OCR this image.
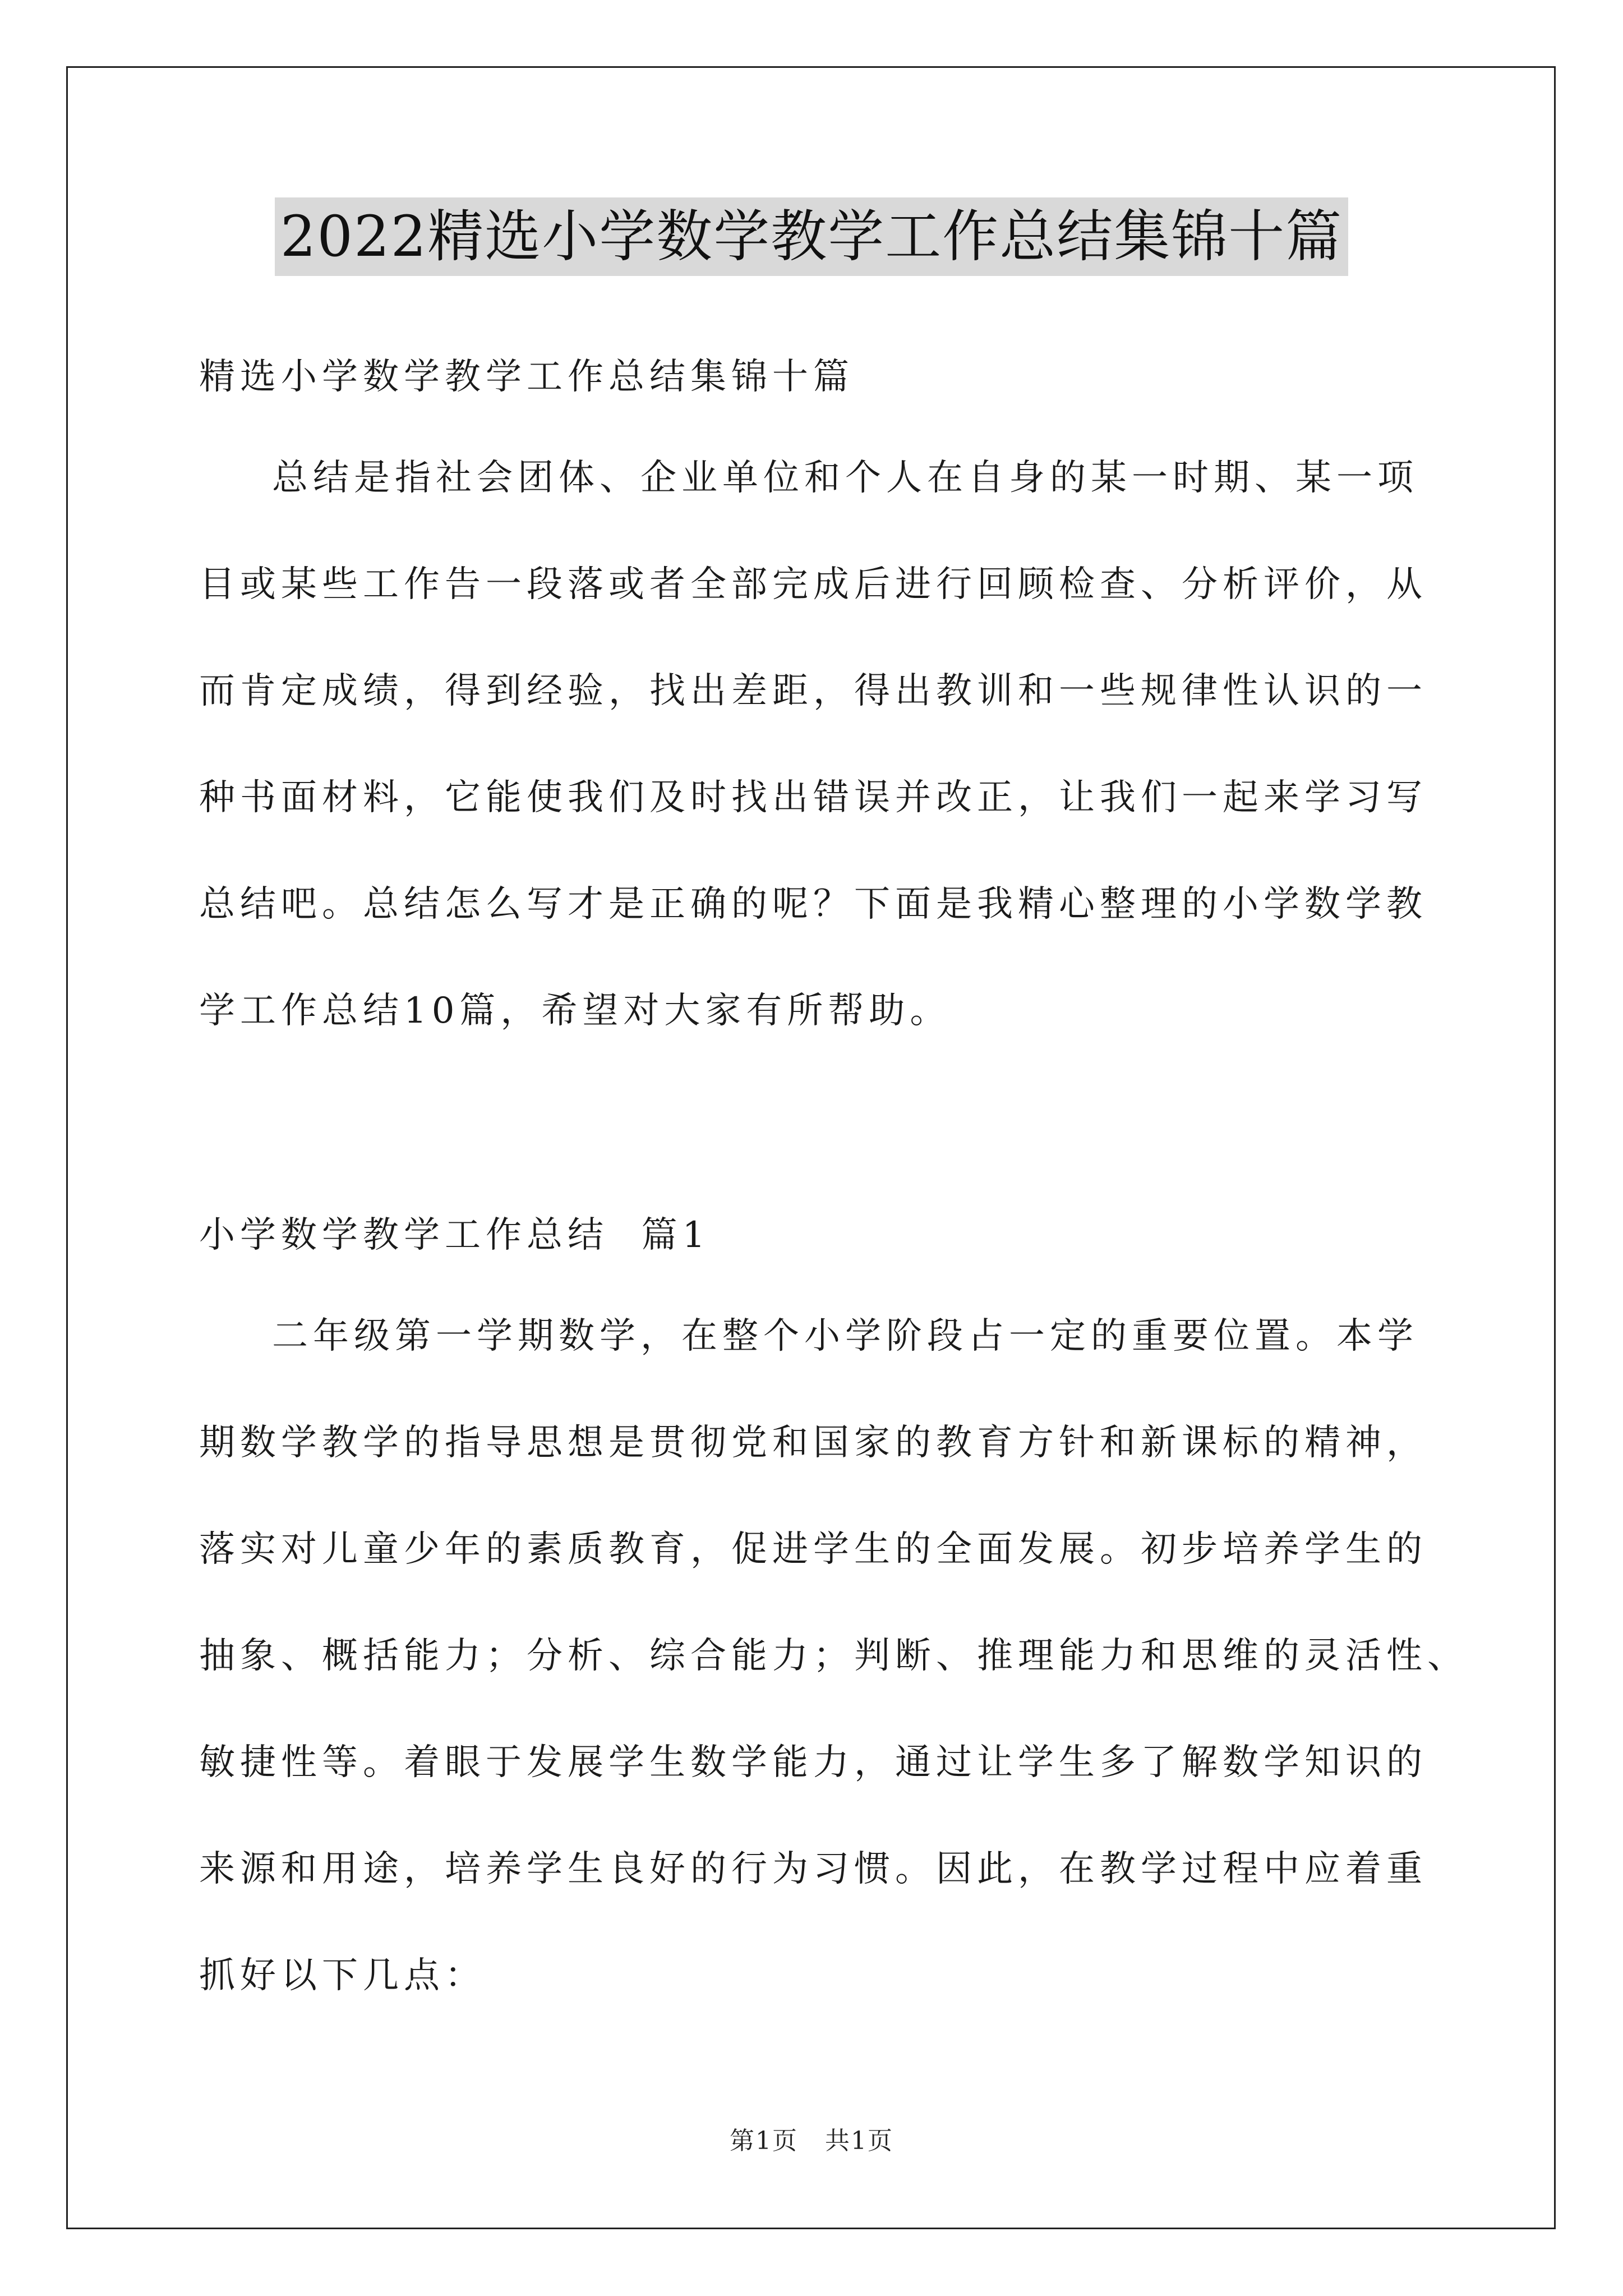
2022精选小学数学教学工作总结集锦十篇
精选小学数学教学工作总结集锦十篇
总结是指社会团体、企业单位和个人在自身的某一时期、某一项
目或某些工作告一段落或者全部完成后进行回顾检查、分析评价，从
而肯定成绩，得到经验，找出差距，得出教训和一些规律性认识的一
种书面材料，它能使我们及时找出错误并改正，让我们一起来学习写
总结吧。总结怎么写才是正确的呢？下面是我精心整理的小学数学教
学工作总结10篇，希望对大家有所帮助。
小学数学教学工作总结  篇1
二年级第一学期数学，在整个小学阶段占一定的重要位置。本学
期数学教学的指导思想是贯彻党和国家的教育方针和新课标的精神，
落实对儿童少年的素质教育，促进学生的全面发展。初步培养学生的
抽象、概括能力；分析、综合能力；判断、推理能力和思维的灵活性、
敏捷性等。着眼于发展学生数学能力，通过让学生多了解数学知识的
来源和用途，培养学生良好的行为习惯。因此，在教学过程中应着重
抓好以下几点：
第1页   共1页
